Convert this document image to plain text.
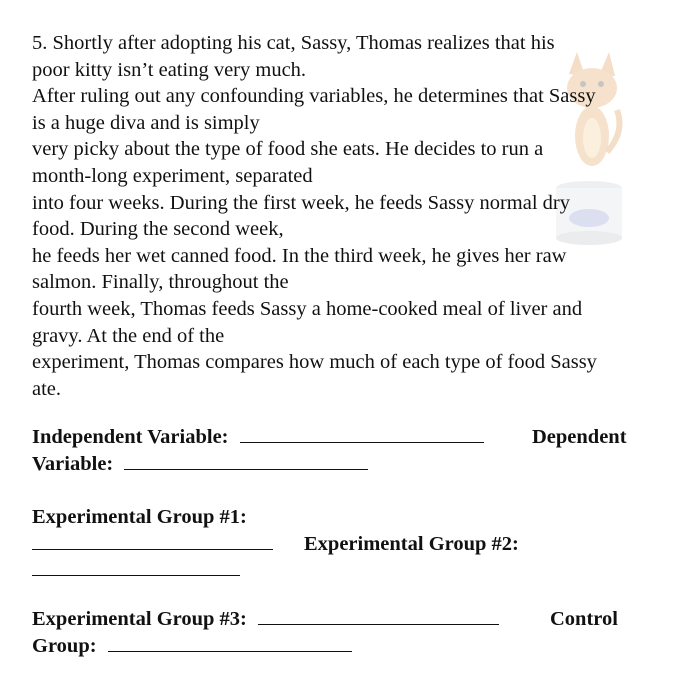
5. Shortly after adopting his cat, Sassy, Thomas realizes that his
poor kitty isn’t eating very much.
After ruling out any confounding variables, he determines that Sassy
is a huge diva and is simply
very picky about the type of food she eats. He decides to run a
month-long experiment, separated
into four weeks. During the first week, he feeds Sassy normal dry
food. During the second week,
he feeds her wet canned food. In the third week, he gives her raw
salmon. Finally, throughout the
fourth week, Thomas feeds Sassy a home-cooked meal of liver and
gravy. At the end of the
experiment, Thomas compares how much of each type of food Sassy
ate.
Independent Variable:	Dependent
Variable:
Experimental Group #1:
Experimental Group #2:
Experimental Group #3:	Control
Group:
